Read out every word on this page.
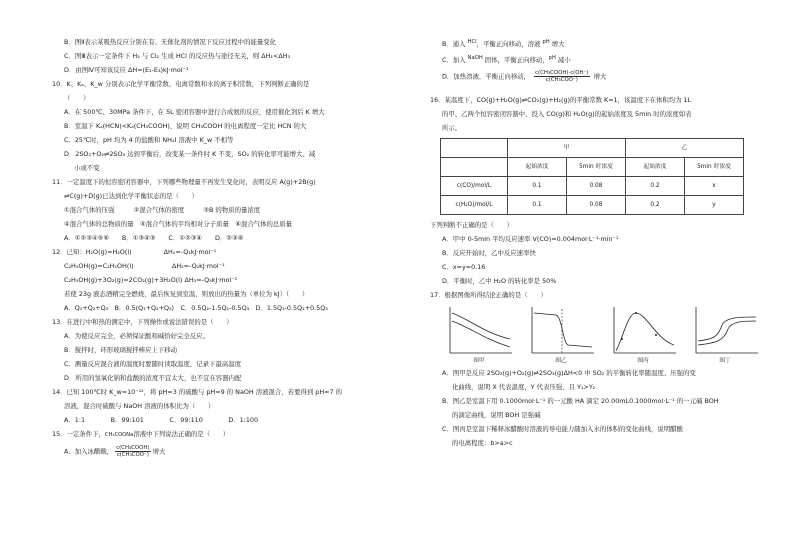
B．图Ⅱ表示某吸热反应分别在有、无催化剂的情况下反应过程中的能量变化
C．图Ⅲ表示一定条件下 H₂ 与 Cl₂ 生成 HCl 的反应热与途径无关，则 ΔH₁<ΔH₃
D．由图Ⅳ可知该反应 ΔH=(E₁-E₃)kJ·mol⁻¹
10．K、Kₐ、K_w 分别表示化学平衡常数、电离常数和水的离子积常数，下列判断正确的是
（　　）
A．在 500℃、30MPa 条件下，在 5L 密闭容器中进行合成氨的反应，使用催化剂后 K 增大
B．室温下 Kₐ(HCN)<Kₐ(CH₃COOH)，说明 CH₃COOH 的电离程度一定比 HCN 的大
C．25℃时，pH 均为 4 的盐酸和 NH₄I 溶液中 K_w 不相等
D．2SO₂+O₂⇌2SO₃ 达到平衡后，改变某一条件时 K 不变，SO₂ 的转化率可能增大、减
小或不变
11．一定温度下的恒容密闭容器中，下列哪些物理量不再发生变化时，表明反应 A(g)+2B(g)
⇌C(g)+D(g)已达到化学平衡状态的是（　　）
①混合气体的压强　　　②混合气体的密度　　　③B 的物质的量浓度
④混合气体的总物质的量　⑤混合气体的平均相对分子质量　⑥混合气体的总质量
A．①②③④⑤⑥　　B．①③④⑤　　C．①②③④　　D．②③⑥
12．已知：H₂O(g)=H₂O(l)　　　　　ΔH₁=-Q₁kJ·mol⁻¹
C₂H₅OH(g)=C₂H₅OH(l)　　　　　　ΔH₂=-Q₂kJ·mol⁻¹
C₂H₅OH(g)+3O₂(g)=2CO₂(g)+3H₂O(l) ΔH₃=-Q₃kJ·mol⁻¹
若使 23g 液态酒精完全燃烧，最后恢复到室温，则放出的热量为（单位为 kJ）（　　）
A．Q₁+Q₂+Q₃　B．0.5(Q₁+Q₂+Q₃)　C．0.5Q₂-1.5Q₁-0.5Q₃　D．1.5Q₁-0.5Q₂+0.5Q₃
13．在进行中和热的测定中，下列操作或说法错误的是（　　）
A．为使反应完全，必须保证酸和碱恰好完全反应。
B．搅拌时，环形玻璃搅拌棒应上下移动
C．测量反应混合液的温度时要随时读取温度，记录下最高温度
D．所用的氢氧化钠和盐酸的浓度不宜太大，也不宜在容器内配
14．已知 100℃时 K_w=10⁻¹²，将 pH=3 的硫酸与 pH=9 的 NaOH 溶液混合，若要得到 pH=7 的
溶液，混合时硫酸与 NaOH 溶液的体积比为（　　）
A．1:1　　　　B．99:101　　　　C．99:110　　　　D．1:100
15．一定条件下，CH₃COONa溶液中下列说法正确的是（　　）
A．加入冰醋酸， $\frac{\text{c(CH₃COOH)}}{\text{c(CH₃COO⁻)}}$ 增大
B．通入 $^{HCl}$，平衡正向移动，溶液 $^{pH}$ 增大
C．加入 $^{NaOH}$ 固体，平衡正向移动，$^{pH}$ 减小
D．加热溶液，平衡正向移动， $\frac{\text{c(CH₃COOH)·c(OH⁻)}}{\text{c(CH₃COO⁻)}}$ 增大
16．某温度下，CO(g)+H₂O(g)⇌CO₂(g)+H₂(g)的平衡常数 K=1，该温度下在体积均为 1L
的甲、乙两个恒容密闭容器中，投入 CO(g)和 H₂O(g)的起始浓度及 5min 时的浓度如表
所示。
	甲		乙	
	起始浓度	5min 时浓度	起始浓度	5min 时浓度
c(CO)/mol/L	0.1	0.08	0.2	x
c(H₂O)/mol/L	0.1	0.08	0.2	y
下列判断不正确的是（　　）
A．甲中 0-5min 平均反应速率 V(CO)=0.004mol·L⁻¹·min⁻¹
B．反应开始时，乙中反应速率快
C．x=y=0.16
D．平衡时，乙中 H₂O 的转化率是 50%
17．根据图像所得结论正确的是（　　）
图甲	图乙	图丙	图丁
A．图甲是反应 2SO₂(g)+O₂(g)⇌2SO₃(g)ΔH<0 中 SO₂ 的平衡转化率随温度、压强的变
化曲线，说明 X 代表温度，Y 代表压强，且 Y₁>Y₂
B．图乙是室温下用 0.1000mol·L⁻¹ 的一元酸 HA 滴定 20.00mL0.1000mol·L⁻¹ 的一元碱 BOH
的滴定曲线，说明 BOH 是强碱
C．图丙是室温下稀释冰醋酸时溶液的导电能力随加入水的体积的变化曲线，说明醋酸
的电离程度：b>a>c
